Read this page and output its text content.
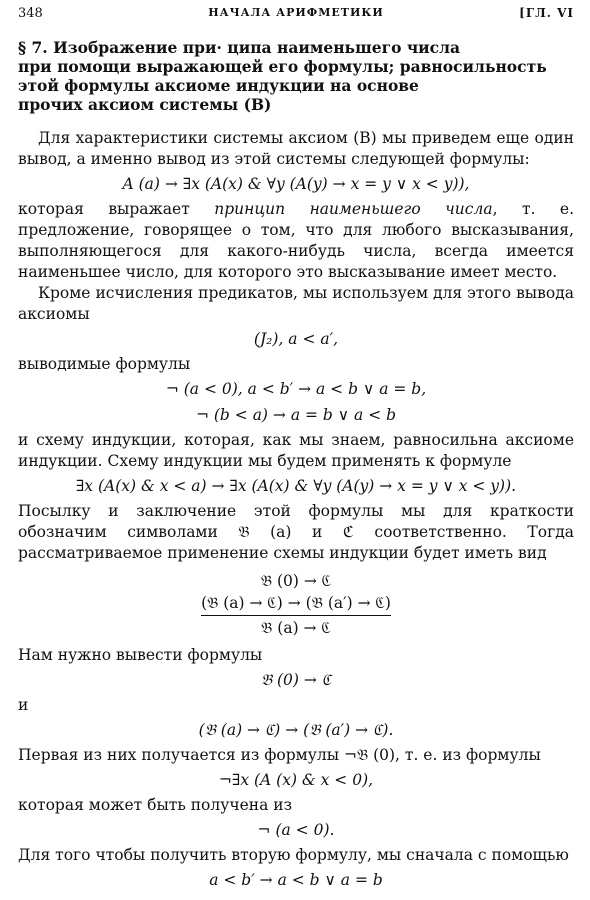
348	НАЧАЛА АРИФМЕТИКИ	[ГЛ. VI
§ 7. Изображение при· ципа наименьшего числа
при помощи выражающей его формулы; равносильность
этой формулы аксиоме индукции на основе
прочих аксиом системы (B)

Для характеристики системы аксиом (B) мы приведем еще один вывод, а именно вывод из этой системы следующей формулы:

A (a) → ∃x (A(x) & ∀y (A(y) → x = y ∨ x < y)),

которая выражает принцип наименьшего числа, т. е. предложение, говорящее о том, что для любого высказывания, выполняющегося для какого-нибудь числа, всегда имеется наименьшее число, для которого это высказывание имеет место.

Кроме исчисления предикатов, мы используем для этого вывода аксиомы

(J₂), a < a′,

выводимые формулы

¬ (a < 0), a < b′ → a < b ∨ a = b,
¬ (b < a) → a = b ∨ a < b

и схему индукции, которая, как мы знаем, равносильна аксиоме индукции. Схему индукции мы будем применять к формуле

∃x (A(x) & x < a) → ∃x (A(x) & ∀y (A(y) → x = y ∨ x < y)).

Посылку и заключение этой формулы мы для краткости обозначим символами 𝔅 (a) и ℭ соответственно. Тогда рассматриваемое применение схемы индукции будет иметь вид

𝔅 (0) → ℭ
(𝔅 (a) → ℭ) → (𝔅 (a′) → ℭ)
𝔅 (a) → ℭ

Нам нужно вывести формулы

𝔅 (0) → ℭ

и

(𝔅 (a) → ℭ) → (𝔅 (a′) → ℭ).

Первая из них получается из формулы ¬𝔅 (0), т. е. из формулы

¬∃x (A (x) & x < 0),

которая может быть получена из

¬ (a < 0).

Для того чтобы получить вторую формулу, мы сначала с помощью

a < b′ → a < b ∨ a = b
